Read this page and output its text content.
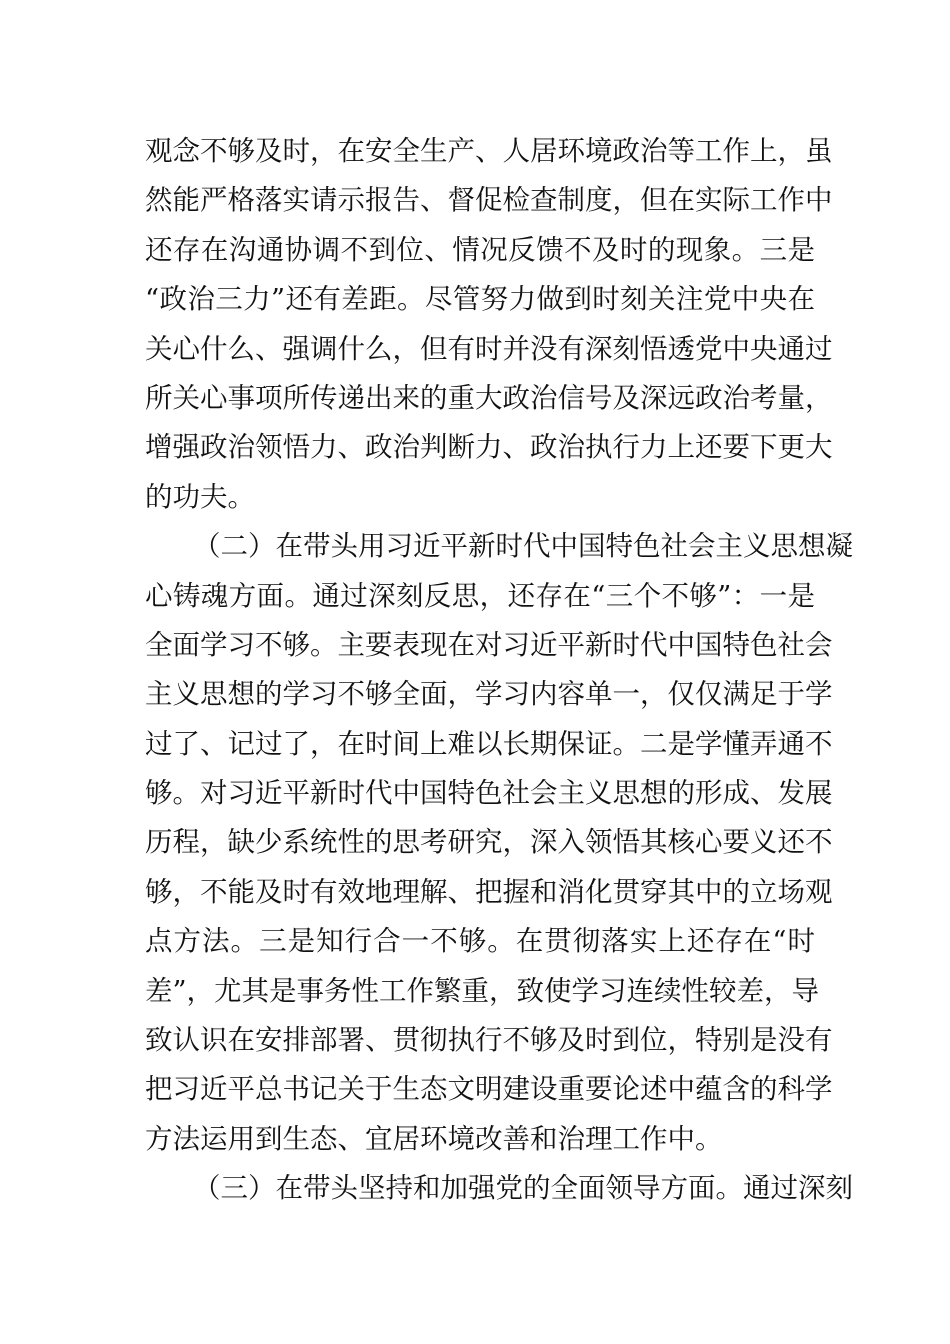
观念不够及时，在安全生产、人居环境政治等工作上，虽
然能严格落实请示报告、督促检查制度，但在实际工作中
还存在沟通协调不到位、情况反馈不及时的现象。三是
“政治三力”还有差距。尽管努力做到时刻关注党中央在
关心什么、强调什么，但有时并没有深刻悟透党中央通过
所关心事项所传递出来的重大政治信号及深远政治考量，
增强政治领悟力、政治判断力、政治执行力上还要下更大
的功夫。
（二）在带头用习近平新时代中国特色社会主义思想凝
心铸魂方面。通过深刻反思，还存在“三个不够”：一是
全面学习不够。主要表现在对习近平新时代中国特色社会
主义思想的学习不够全面，学习内容单一，仅仅满足于学
过了、记过了，在时间上难以长期保证。二是学懂弄通不
够。对习近平新时代中国特色社会主义思想的形成、发展
历程，缺少系统性的思考研究，深入领悟其核心要义还不
够，不能及时有效地理解、把握和消化贯穿其中的立场观
点方法。三是知行合一不够。在贯彻落实上还存在“时
差”，尤其是事务性工作繁重，致使学习连续性较差，导
致认识在安排部署、贯彻执行不够及时到位，特别是没有
把习近平总书记关于生态文明建设重要论述中蕴含的科学
方法运用到生态、宜居环境改善和治理工作中。
（三）在带头坚持和加强党的全面领导方面。通过深刻
